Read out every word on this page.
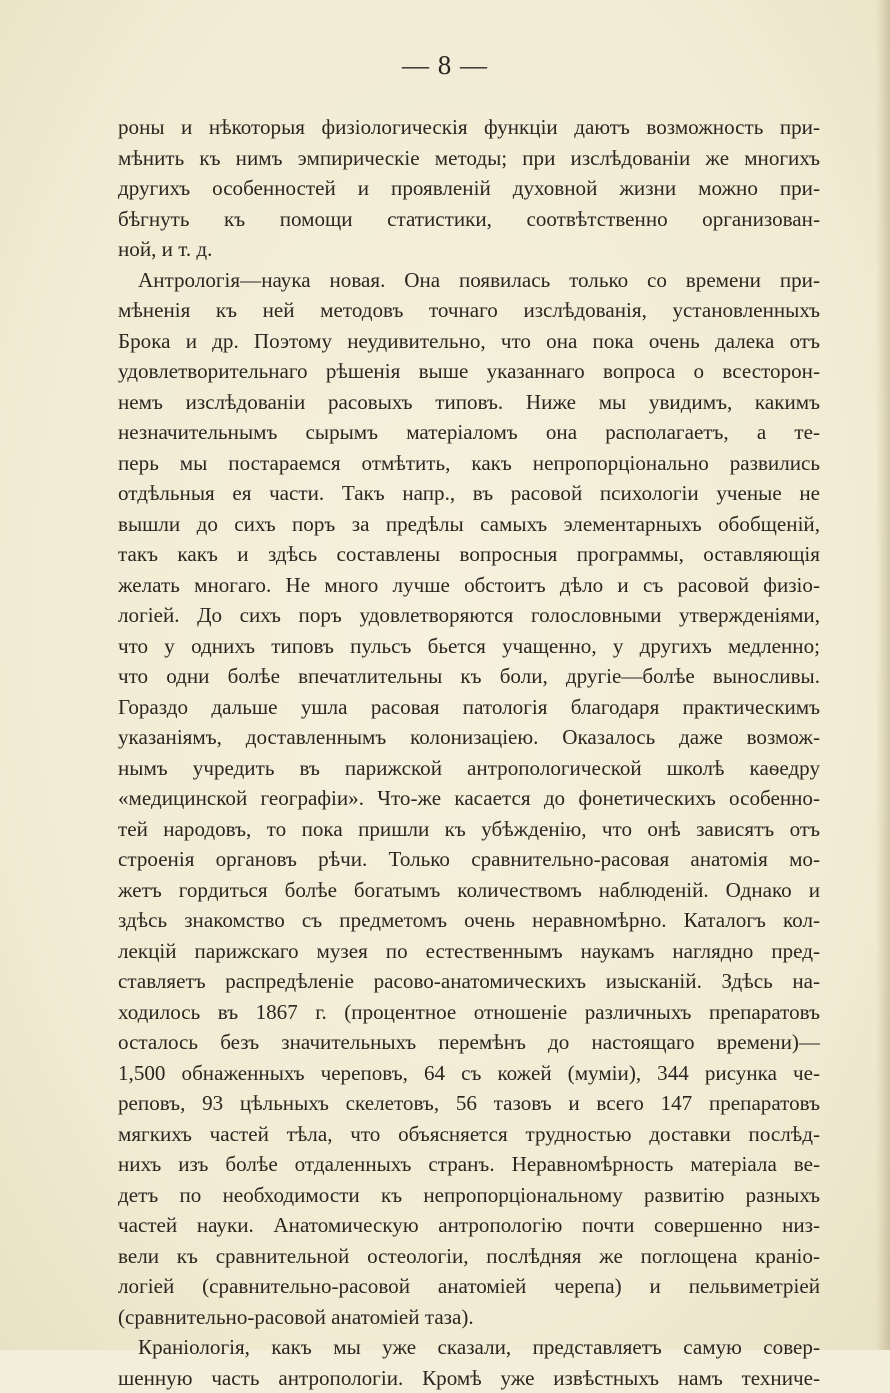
— 8 —
роны и нѣкоторыя физіологическія функціи даютъ возможность при-
мѣнить къ нимъ эмпирическіе методы; при изслѣдованіи же многихъ
другихъ особенностей и проявленій духовной жизни можно при-
бѣгнуть къ помощи статистики, соотвѣтственно организован-
ной, и т. д.
Антрологія—наука новая. Она появилась только со времени при-
мѣненія къ ней методовъ точнаго изслѣдованія, установленныхъ
Брока и др. Поэтому неудивительно, что она пока очень далека отъ
удовлетворительнаго рѣшенія выше указаннаго вопроса о всесторон-
немъ изслѣдованіи расовыхъ типовъ. Ниже мы увидимъ, какимъ
незначительнымъ сырымъ матеріаломъ она располагаетъ, а те-
перь мы постараемся отмѣтить, какъ непропорціонально развились
отдѣльныя ея части. Такъ напр., въ расовой психологіи ученые не
вышли до сихъ поръ за предѣлы самыхъ элементарныхъ обобщеній,
такъ какъ и здѣсь составлены вопросныя программы, оставляющія
желать многаго. Не много лучше обстоитъ дѣло и съ расовой физіо-
логіей. До сихъ поръ удовлетворяются голословными утвержденіями,
что у однихъ типовъ пульсъ бьется учащенно, у другихъ медленно;
что одни болѣе впечатлительны къ боли, другіе—болѣе выносливы.
Гораздо дальше ушла расовая патологія благодаря практическимъ
указаніямъ, доставленнымъ колонизаціею. Оказалось даже возмож-
нымъ учредить въ парижской антропологической школѣ каѳедру
«медицинской географіи». Что-же касается до фонетическихъ особенно-
тей народовъ, то пока пришли къ убѣжденію, что онѣ зависятъ отъ
строенія органовъ рѣчи. Только сравнительно-расовая анатомія мо-
жетъ гордиться болѣе богатымъ количествомъ наблюденій. Однако и
здѣсь знакомство съ предметомъ очень неравномѣрно. Каталогъ кол-
лекцій парижскаго музея по естественнымъ наукамъ наглядно пред-
ставляетъ распредѣленіе расово-анатомическихъ изысканій. Здѣсь на-
ходилось въ 1867 г. (процентное отношеніе различныхъ препаратовъ
осталось безъ значительныхъ перемѣнъ до настоящаго времени)—
1,500 обнаженныхъ череповъ, 64 съ кожей (муміи), 344 рисунка че-
реповъ, 93 цѣльныхъ скелетовъ, 56 тазовъ и всего 147 препаратовъ
мягкихъ частей тѣла, что объясняется трудностью доставки послѣд-
нихъ изъ болѣе отдаленныхъ странъ. Неравномѣрность матеріала ве-
детъ по необходимости къ непропорціональному развитію разныхъ
частей науки. Анатомическую антропологію почти совершенно низ-
вели къ сравнительной остеологіи, послѣдняя же поглощена краніо-
логіей (сравнительно-расовой анатоміей черепа) и пельвиметріей
(сравнительно-расовой анатоміей таза).
Краніологія, какъ мы уже сказали, представляетъ самую совер-
шенную часть антропологіи. Кромѣ уже извѣстныхъ намъ техниче-
